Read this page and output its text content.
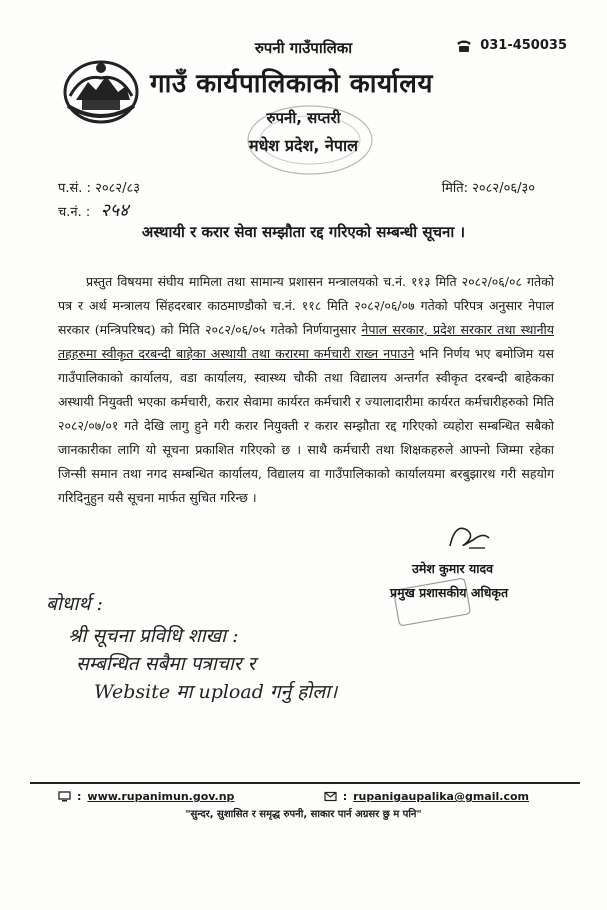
रुपनी गाउँपालिका	031-450035
गाउँ कार्यपालिकाको कार्यालय
रुपनी, सप्तरी
मधेश प्रदेश, नेपाल
प.सं. : २०८२/८३
च.नं. : २५४
मिति: २०८२/०६/३०
अस्थायी र करार सेवा सम्झौता रद्द गरिएको सम्बन्धी सूचना ।
प्रस्तुत विषयमा संघीय मामिला तथा सामान्य प्रशासन मन्त्रालयको च.नं. ११३ मिति २०८२/०६/०८ गतेको पत्र र अर्थ मन्त्रालय सिंहदरबार काठमाण्डौको च.नं. ११८ मिति २०८२/०६/०७ गतेको परिपत्र अनुसार नेपाल सरकार (मन्त्रिपरिषद) को मिति २०८२/०६/०५ गतेको निर्णयानुसार नेपाल सरकार, प्रदेश सरकार तथा स्थानीय तहहरुमा स्वीकृत दरबन्दी बाहेका अस्थायी तथा करारमा कर्मचारी राख्न नपाउने भनि निर्णय भए बमोजिम यस गाउँपालिकाको कार्यालय, वडा कार्यालय, स्वास्थ्य चौकी तथा विद्यालय अन्तर्गत स्वीकृत दरबन्दी बाहेकका अस्थायी नियुक्ती भएका कर्मचारी, करार सेवामा कार्यरत कर्मचारी र ज्यालादारीमा कार्यरत कर्मचारीहरुको मिति २०८२/०७/०१ गते देखि लागु हुने गरी करार नियुक्ती र करार सम्झौता रद्द गरिएको व्यहोरा सम्बन्धित सबैको जानकारीका लागि यो सूचना प्रकाशित गरिएको छ । साथै कर्मचारी तथा शिक्षकहरुले आफ्नो जिम्मा रहेका जिन्सी समान तथा नगद सम्बन्धित कार्यालय, विद्यालय वा गाउँपालिकाको कार्यालयमा बरबुझारथ गरी सहयोग गरिदिनुहुन यसै सूचना मार्फत सुचित गरिन्छ ।
उमेश कुमार यादव
प्रमुख प्रशासकीय अधिकृत
बोधार्थ :
श्री सूचना प्रविधि शाखा :
सम्बन्धित सबैमा पत्राचार र
Website मा upload गर्नु होला।
: www.rupanimun.gov.np	: rupanigaupalika@gmail.com
"सुन्दर, सुशासित र समृद्ध रुपनी, साकार पार्न अग्रसर छु म पनि"
